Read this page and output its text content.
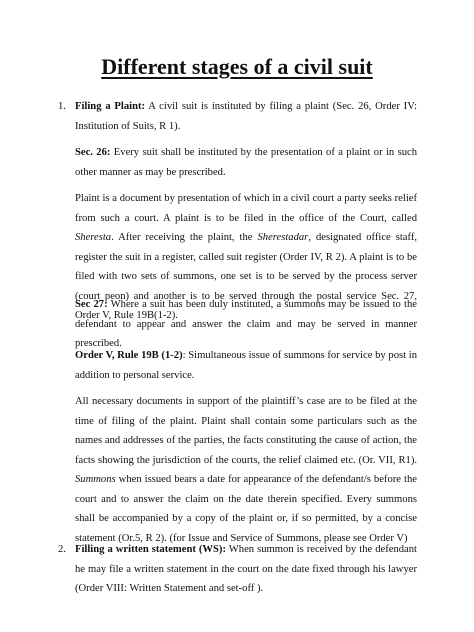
Different stages of a civil suit
1. Filing a Plaint: A civil suit is instituted by filing a plaint (Sec. 26, Order IV: Institution of Suits, R 1).
Sec. 26: Every suit shall be instituted by the presentation of a plaint or in such other manner as may be prescribed.
Plaint is a document by presentation of which in a civil court a party seeks relief from such a court. A plaint is to be filed in the office of the Court, called Sheresta. After receiving the plaint, the Sherestadar, designated office staff, register the suit in a register, called suit register (Order IV, R 2). A plaint is to be filed with two sets of summons, one set is to be served by the process server (court peon) and another is to be served through the postal service Sec. 27, Order V, Rule 19B(1-2).
Sec 27: Where a suit has been duly instituted, a summons may be issued to the defendant to appear and answer the claim and may be served in manner prescribed.
Order V, Rule 19B (1-2): Simultaneous issue of summons for service by post in addition to personal service.
All necessary documents in support of the plaintiff’s case are to be filed at the time of filing of the plaint. Plaint shall contain some particulars such as the names and addresses of the parties, the facts constituting the cause of action, the facts showing the jurisdiction of the courts, the relief claimed etc. (Or. VII, R1). Summons when issued bears a date for appearance of the defendant/s before the court and to answer the claim on the date therein specified. Every summons shall be accompanied by a copy of the plaint or, if so permitted, by a concise statement (Or.5, R 2). (for Issue and Service of Summons, please see Order V)
2. Filling a written statement (WS): When summon is received by the defendant he may file a written statement in the court on the date fixed through his lawyer (Order VIII: Written Statement and set-off ).
